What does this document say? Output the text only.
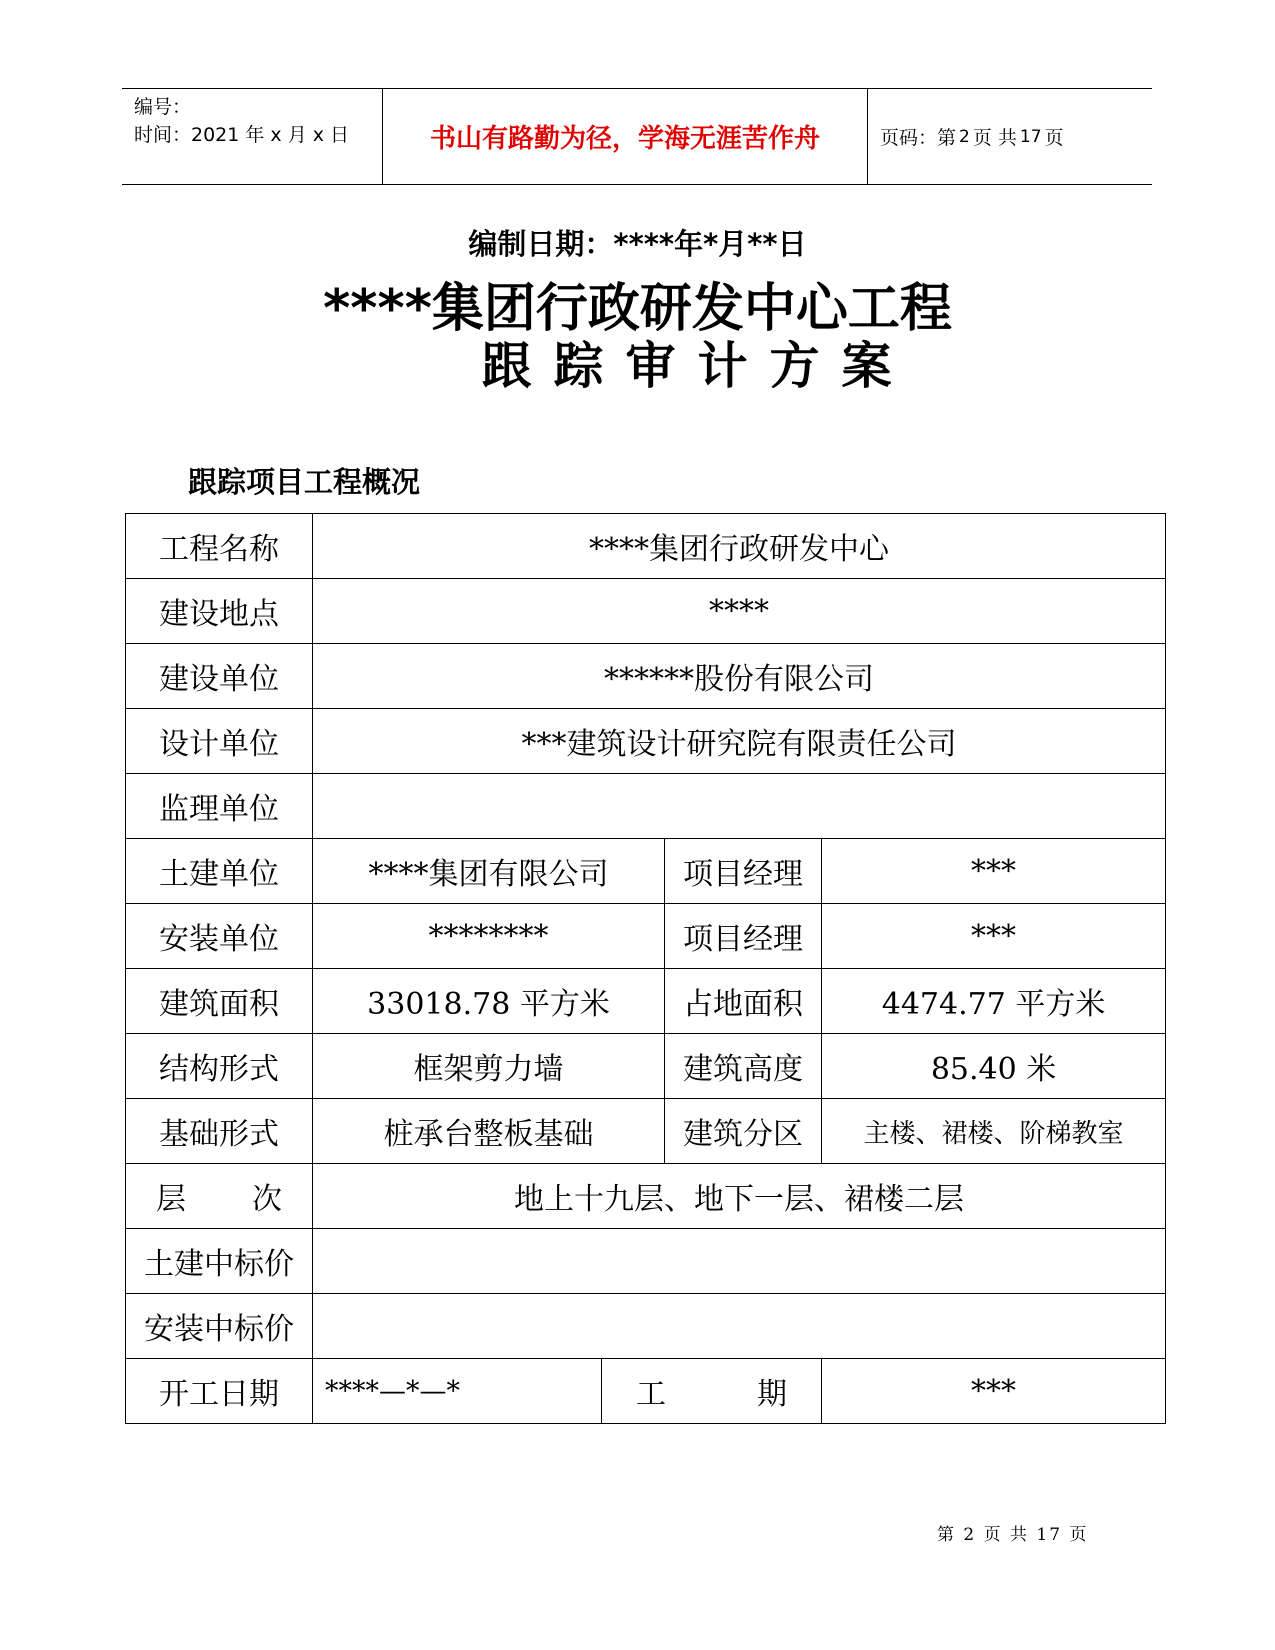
编号：
时间：2021 年 x 月 x 日	书山有路勤为径，学海无涯苦作舟	页码：第 2 页 共 17 页
编制日期：****年*月**日
****集团行政研发中心工程
跟踪审计方案
跟踪项目工程概况
工程名称	****集团行政研发中心			
建设地点	****			
建设单位	******股份有限公司			
设计单位	***建筑设计研究院有限责任公司			
监理单位				
土建单位	****集团有限公司		项目经理	***
安装单位	********		项目经理	***
建筑面积	33018.78 平方米		占地面积	4474.77 平方米
结构形式	框架剪力墙		建筑高度	85.40 米
基础形式	桩承台整板基础		建筑分区	主楼、裙楼、阶梯教室

层 次	地上十九层、地下一层、裙楼二层			
土建中标价				
安装中标价				
开工日期	****—*—*	工 期		***
第 2 页 共 17 页
